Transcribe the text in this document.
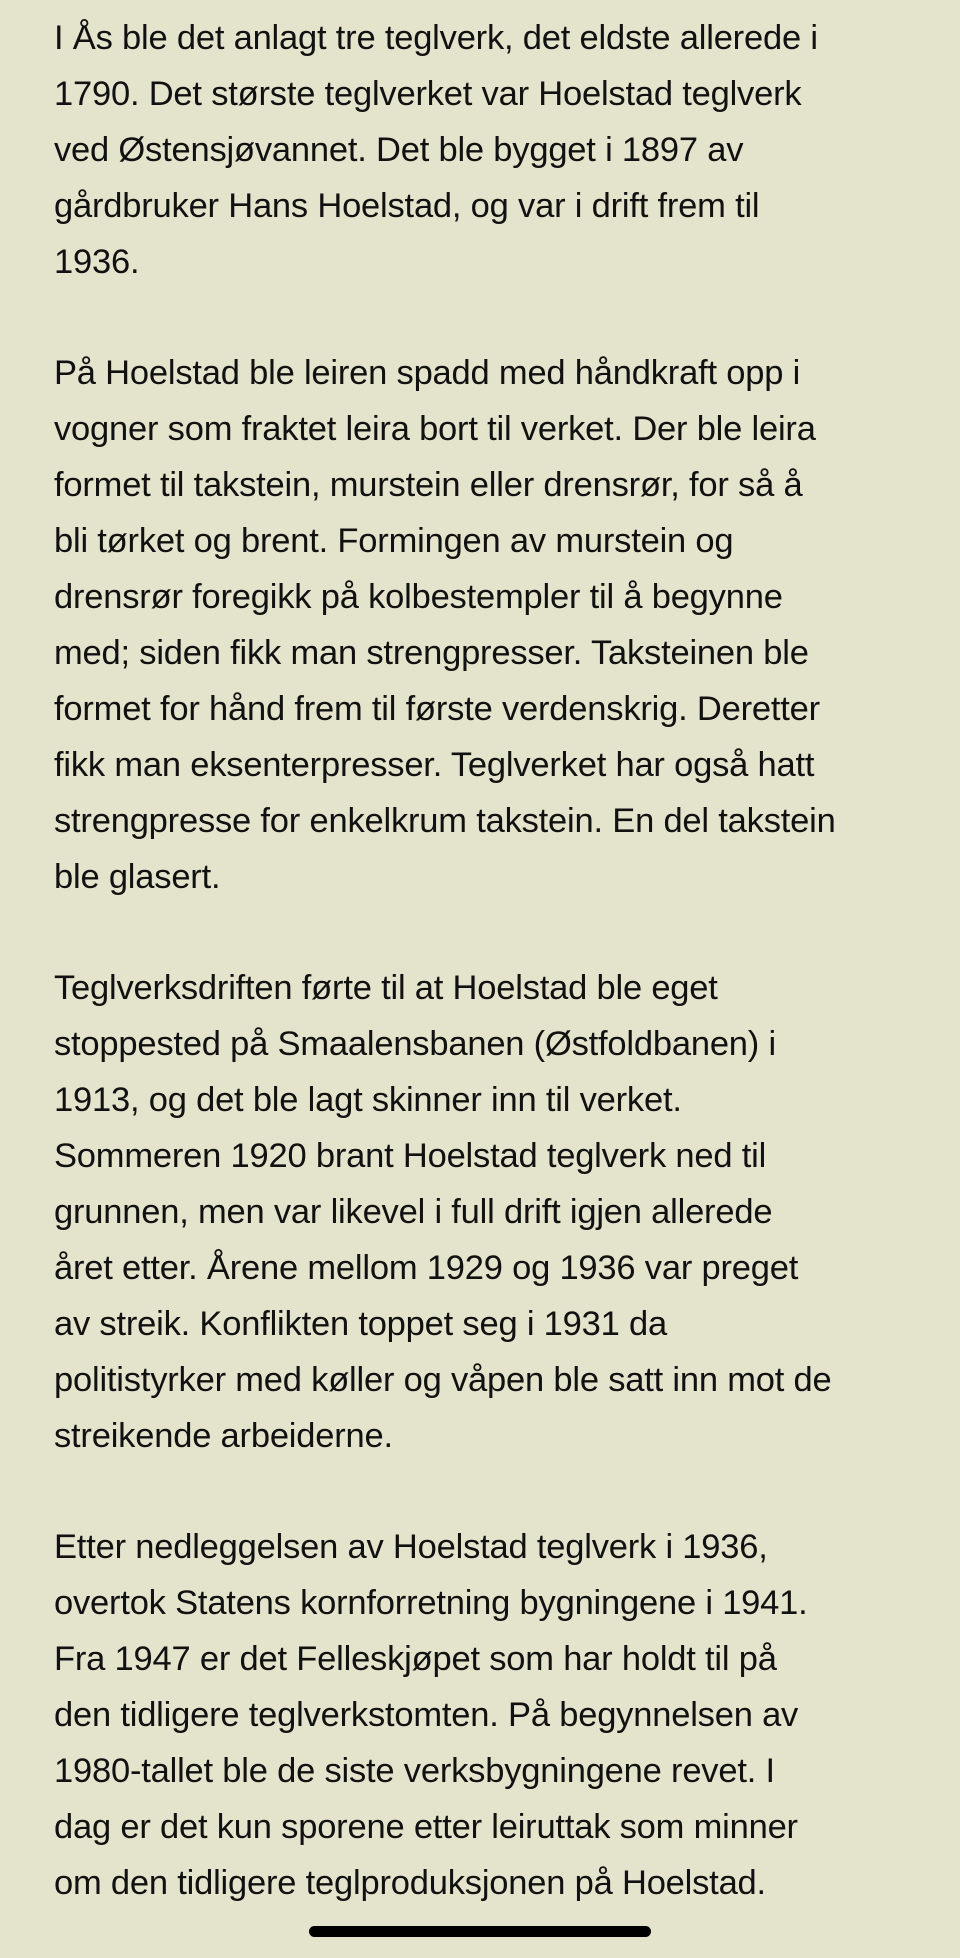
I Ås ble det anlagt tre teglverk, det eldste allerede i
1790. Det største teglverket var Hoelstad teglverk
ved Østensjøvannet. Det ble bygget i 1897 av
gårdbruker Hans Hoelstad, og var i drift frem til
1936.

På Hoelstad ble leiren spadd med håndkraft opp i
vogner som fraktet leira bort til verket. Der ble leira
formet til takstein, murstein eller drensrør, for så å
bli tørket og brent. Formingen av murstein og
drensrør foregikk på kolbestempler til å begynne
med; siden fikk man strengpresser. Taksteinen ble
formet for hånd frem til første verdenskrig. Deretter
fikk man eksenterpresser. Teglverket har også hatt
strengpresse for enkelkrum takstein. En del takstein
ble glasert.

Teglverksdriften førte til at Hoelstad ble eget
stoppested på Smaalensbanen (Østfoldbanen) i
1913, og det ble lagt skinner inn til verket.
Sommeren 1920 brant Hoelstad teglverk ned til
grunnen, men var likevel i full drift igjen allerede
året etter. Årene mellom 1929 og 1936 var preget
av streik. Konflikten toppet seg i 1931 da
politistyrker med køller og våpen ble satt inn mot de
streikende arbeiderne.

Etter nedleggelsen av Hoelstad teglverk i 1936,
overtok Statens kornforretning bygningene i 1941.
Fra 1947 er det Felleskjøpet som har holdt til på
den tidligere teglverkstomten. På begynnelsen av
1980-tallet ble de siste verksbygningene revet. I
dag er det kun sporene etter leiruttak som minner
om den tidligere teglproduksjonen på Hoelstad.
